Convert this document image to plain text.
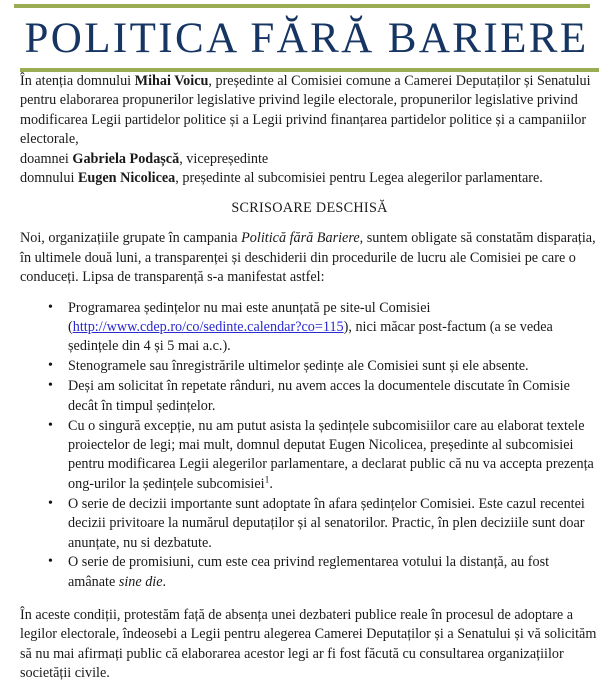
POLITICA FĂRĂ BARIERE

În atenția domnului Mihai Voicu, președinte al Comisiei comune a Camerei Deputaților și Senatului pentru elaborarea propunerilor legislative privind legile electorale, propunerilor legislative privind modificarea Legii partidelor politice și a Legii privind finanțarea partidelor politice și a campaniilor electorale,

doamnei Gabriela Podașcă, vicepreședinte

domnului Eugen Nicolicea, președinte al subcomisiei pentru Legea alegerilor parlamentare.

SCRISOARE DESCHISĂ

Noi, organizațiile grupate în campania Politică fără Bariere, suntem obligate să constatăm disparația, în ultimele două luni, a transparenței și deschiderii din procedurile de lucru ale Comisiei pe care o conduceți. Lipsa de transparență s-a manifestat astfel:

• Programarea ședințelor nu mai este anunțată pe site-ul Comisiei (http://www.cdep.ro/co/sedinte.calendar?co=115), nici măcar post-factum (a se vedea ședințele din 4 și 5 mai a.c.).
• Stenogramele sau înregistrările ultimelor ședințe ale Comisiei sunt și ele absente.
• Deși am solicitat în repetate rânduri, nu avem acces la documentele discutate în Comisie decât în timpul ședințelor.
• Cu o singură excepție, nu am putut asista la ședințele subcomisiilor care au elaborat textele proiectelor de legi; mai mult, domnul deputat Eugen Nicolicea, președinte al subcomisiei pentru modificarea Legii alegerilor parlamentare, a declarat public că nu va accepta prezența ong-urilor la ședințele subcomisiei$^1$.
• O serie de decizii importante sunt adoptate în afara ședințelor Comisiei. Este cazul recentei decizii privitoare la numărul deputaților și al senatorilor. Practic, în plen deciziile sunt doar anunțate, nu si dezbatute.
• O serie de promisiuni, cum este cea privind reglementarea votului la distanță, au fost amânate sine die.

În aceste condiții, protestăm față de absența unei dezbateri publice reale în procesul de adoptare a legilor electorale, îndeosebi a Legii pentru alegerea Camerei Deputaților și a Senatului și vă solicităm să nu mai afirmați public că elaborarea acestor legi ar fi fost făcută cu consultarea organizațiilor societății civile.
